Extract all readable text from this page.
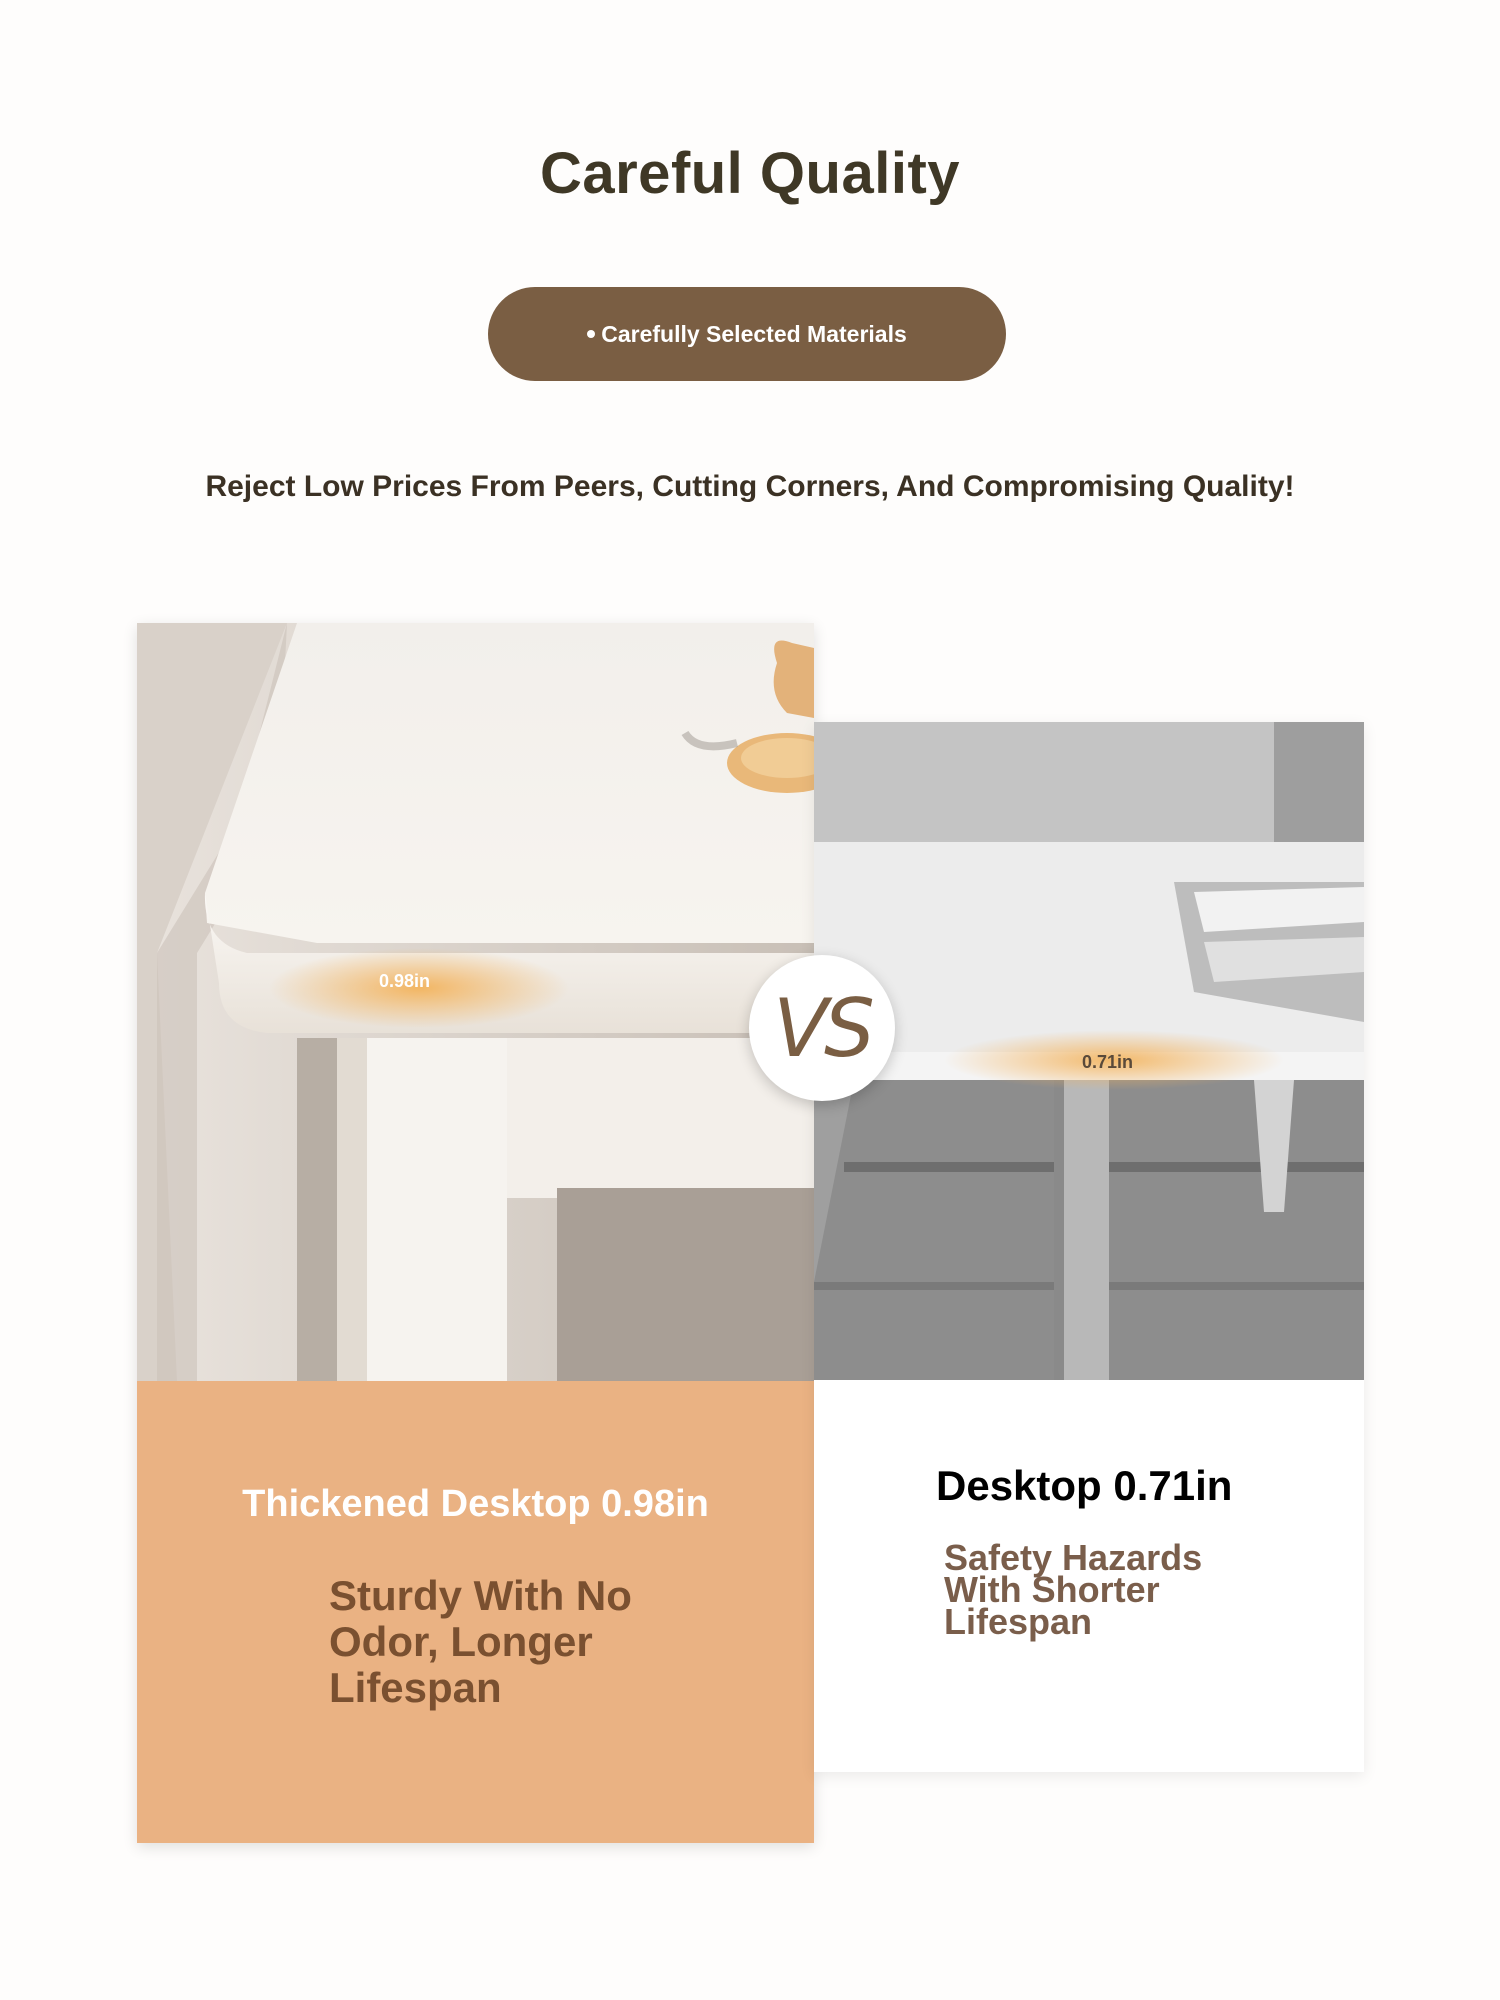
Careful Quality
Carefully Selected Materials
Reject Low Prices From Peers, Cutting Corners, And Compromising Quality!
0.98in
Thickened Desktop 0.98in
Sturdy With No Odor, Longer Lifespan
0.71in
Desktop 0.71in
Safety Hazards With Shorter Lifespan
VS
